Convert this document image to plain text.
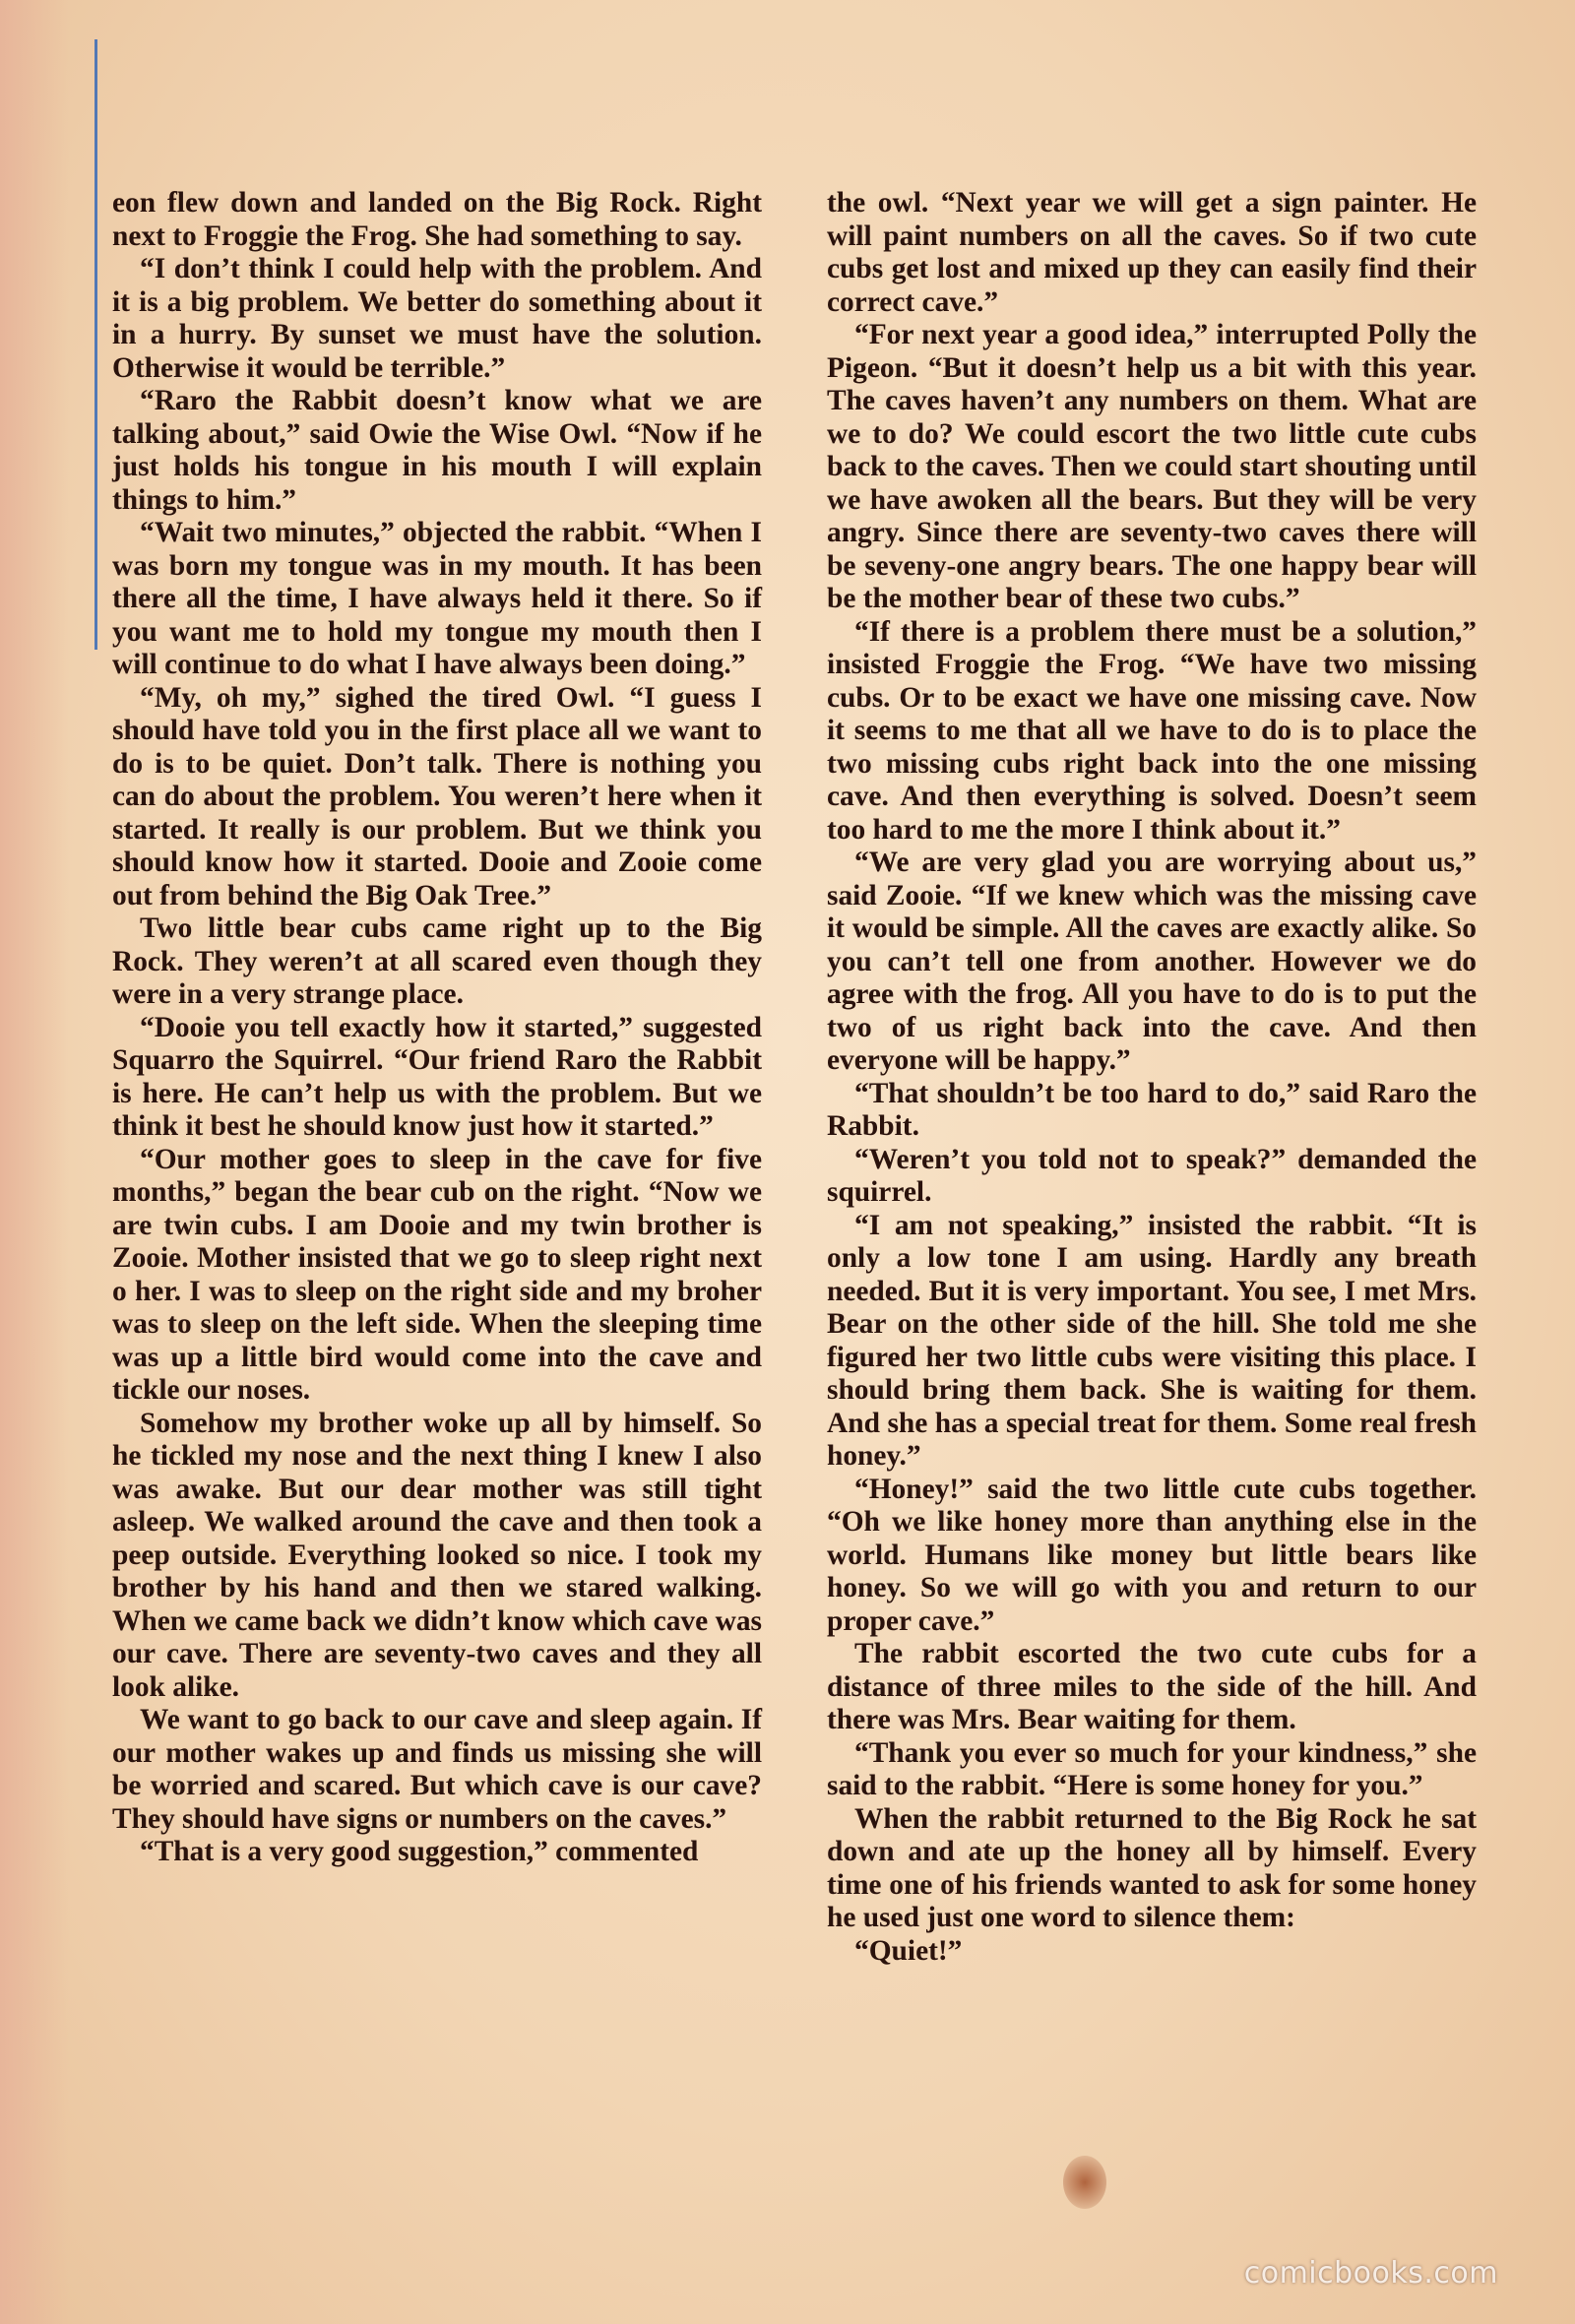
eon flew down and landed on the Big Rock. Right next to Froggie the Frog. She had something to say.

“I don’t think I could help with the problem. And it is a big problem. We better do something about it in a hurry. By sunset we must have the solution. Otherwise it would be terrible.”

“Raro the Rabbit doesn’t know what we are talking about,” said Owie the Wise Owl. “Now if he just holds his tongue in his mouth I will explain things to him.”

“Wait two minutes,” objected the rabbit. “When I was born my tongue was in my mouth. It has been there all the time, I have always held it there. So if you want me to hold my tongue my mouth then I will continue to do what I have always been doing.”

“My, oh my,” sighed the tired Owl. “I guess I should have told you in the first place all we want to do is to be quiet. Don’t talk. There is nothing you can do about the problem. You weren’t here when it started. It really is our problem. But we think you should know how it started. Dooie and Zooie come out from behind the Big Oak Tree.”

Two little bear cubs came right up to the Big Rock. They weren’t at all scared even though they were in a very strange place.

“Dooie you tell exactly how it started,” suggested Squarro the Squirrel. “Our friend Raro the Rabbit is here. He can’t help us with the problem. But we think it best he should know just how it started.”

“Our mother goes to sleep in the cave for five months,” began the bear cub on the right. “Now we are twin cubs. I am Dooie and my twin brother is Zooie. Mother insisted that we go to sleep right next o her. I was to sleep on the right side and my broher was to sleep on the left side. When the sleeping time was up a little bird would come into the cave and tickle our noses.

Somehow my brother woke up all by himself. So he tickled my nose and the next thing I knew I also was awake. But our dear mother was still tight asleep. We walked around the cave and then took a peep outside. Everything looked so nice. I took my brother by his hand and then we stared walking. When we came back we didn’t know which cave was our cave. There are seventy-two caves and they all look alike.

We want to go back to our cave and sleep again. If our mother wakes up and finds us missing she will be worried and scared. But which cave is our cave? They should have signs or numbers on the caves.”

“That is a very good suggestion,” commented

the owl. “Next year we will get a sign painter. He will paint numbers on all the caves. So if two cute cubs get lost and mixed up they can easily find their correct cave.”

“For next year a good idea,” interrupted Polly the Pigeon. “But it doesn’t help us a bit with this year. The caves haven’t any numbers on them. What are we to do? We could escort the two little cute cubs back to the caves. Then we could start shouting until we have awoken all the bears. But they will be very angry. Since there are seventy-two caves there will be seveny-one angry bears. The one happy bear will be the mother bear of these two cubs.”

“If there is a problem there must be a solution,” insisted Froggie the Frog. “We have two missing cubs. Or to be exact we have one missing cave. Now it seems to me that all we have to do is to place the two missing cubs right back into the one missing cave. And then everything is solved. Doesn’t seem too hard to me the more I think about it.”

“We are very glad you are worrying about us,” said Zooie. “If we knew which was the missing cave it would be simple. All the caves are exactly alike. So you can’t tell one from another. However we do agree with the frog. All you have to do is to put the two of us right back into the cave. And then everyone will be happy.”

“That shouldn’t be too hard to do,” said Raro the Rabbit.

“Weren’t you told not to speak?” demanded the squirrel.

“I am not speaking,” insisted the rabbit. “It is only a low tone I am using. Hardly any breath needed. But it is very important. You see, I met Mrs. Bear on the other side of the hill. She told me she figured her two little cubs were visiting this place. I should bring them back. She is waiting for them. And she has a special treat for them. Some real fresh honey.”

“Honey!” said the two little cute cubs together. “Oh we like honey more than anything else in the world. Humans like money but little bears like honey. So we will go with you and return to our proper cave.”

The rabbit escorted the two cute cubs for a distance of three miles to the side of the hill. And there was Mrs. Bear waiting for them.

“Thank you ever so much for your kindness,” she said to the rabbit. “Here is some honey for you.”

When the rabbit returned to the Big Rock he sat down and ate up the honey all by himself. Every time one of his friends wanted to ask for some honey he used just one word to silence them:

“Quiet!”

comicbooks.com
